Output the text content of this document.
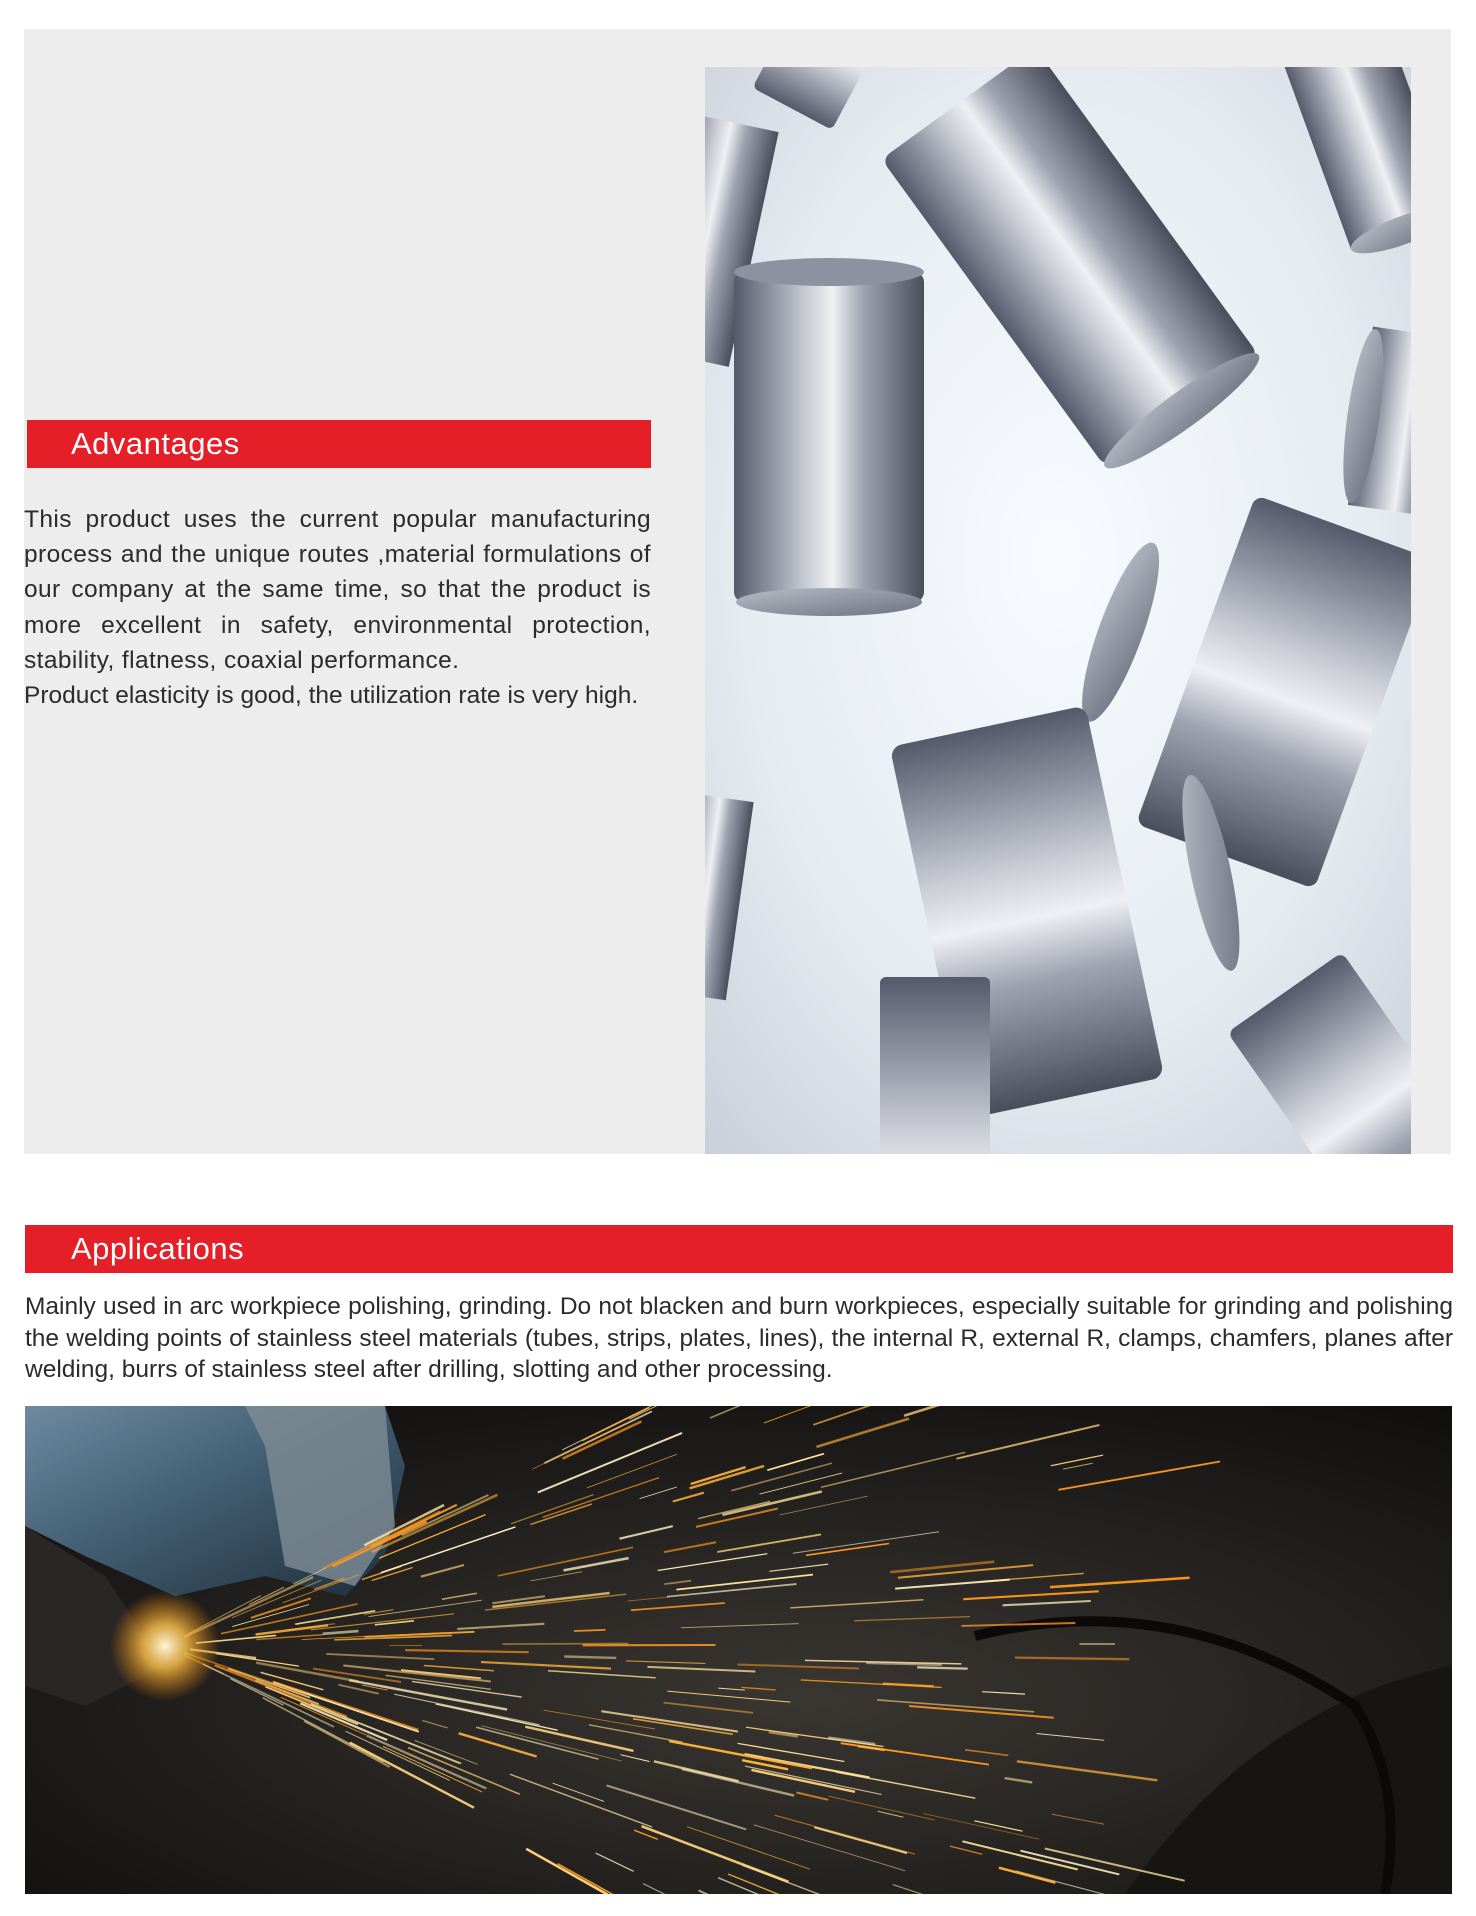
Advantages

This product uses the current popular manufacturing process and the unique routes ,material formulations of our company at the same time, so that the product is more excellent in safety, environmental protection, stability, flatness, coaxial performance.

Product elasticity is good, the utilization rate is very high.

Applications
Mainly used in arc workpiece polishing, grinding. Do not blacken and burn workpieces, especially suitable for grinding and polishing the welding points of stainless steel materials (tubes, strips, plates, lines), the internal R, external R, clamps, chamfers, planes after welding, burrs of stainless steel after drilling, slotting and other processing.
